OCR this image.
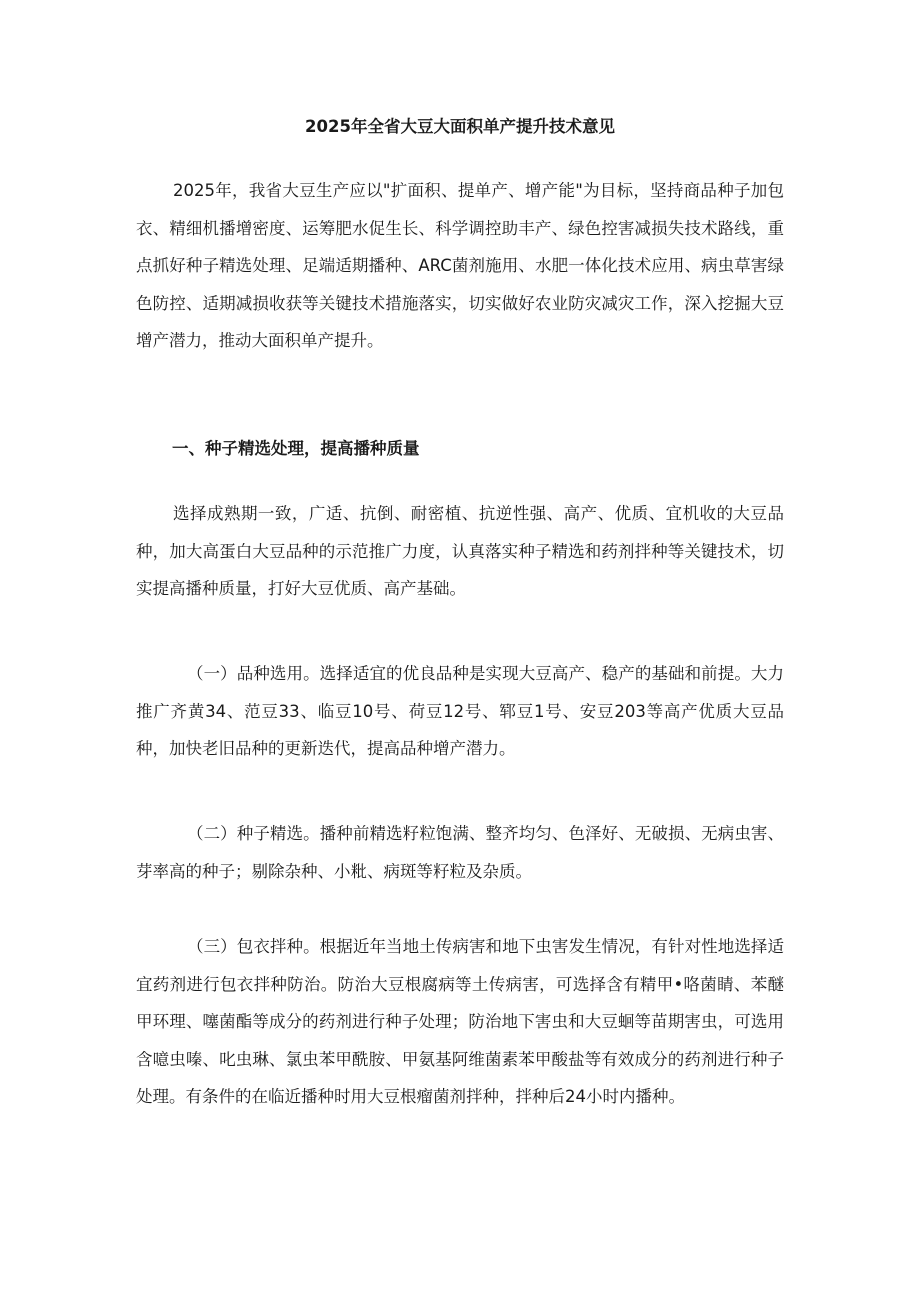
2025年全省大豆大面积单产提升技术意见

2025年，我省大豆生产应以"扩面积、提单产、增产能"为目标，坚持商品种子加包衣、精细机播增密度、运筹肥水促生长、科学调控助丰产、绿色控害减损失技术路线，重点抓好种子精选处理、足端适期播种、ARC菌剂施用、水肥一体化技术应用、病虫草害绿色防控、适期减损收获等关键技术措施落实，切实做好农业防灾减灾工作，深入挖掘大豆增产潜力，推动大面积单产提升。

一、种子精选处理，提高播种质量

选择成熟期一致，广适、抗倒、耐密植、抗逆性强、高产、优质、宜机收的大豆品种，加大高蛋白大豆品种的示范推广力度，认真落实种子精选和药剂拌种等关键技术，切实提高播种质量，打好大豆优质、高产基础。

（一）品种选用。选择适宜的优良品种是实现大豆高产、稳产的基础和前提。大力推广齐黄34、范豆33、临豆10号、荷豆12号、郓豆1号、安豆203等高产优质大豆品种，加快老旧品种的更新迭代，提高品种增产潜力。

（二）种子精选。播种前精选籽粒饱满、整齐均匀、色泽好、无破损、无病虫害、芽率高的种子；剔除杂种、小粃、病斑等籽粒及杂质。

（三）包衣拌种。根据近年当地土传病害和地下虫害发生情况，有针对性地选择适宜药剂进行包衣拌种防治。防治大豆根腐病等土传病害，可选择含有精甲•咯菌睛、苯醚甲环理、噻菌酯等成分的药剂进行种子处理；防治地下害虫和大豆蛔等苗期害虫，可选用含噫虫嗪、叱虫琳、氯虫苯甲酰胺、甲氨基阿维菌素苯甲酸盐等有效成分的药剂进行种子处理。有条件的在临近播种时用大豆根瘤菌剂拌种，拌种后24小时内播种。
